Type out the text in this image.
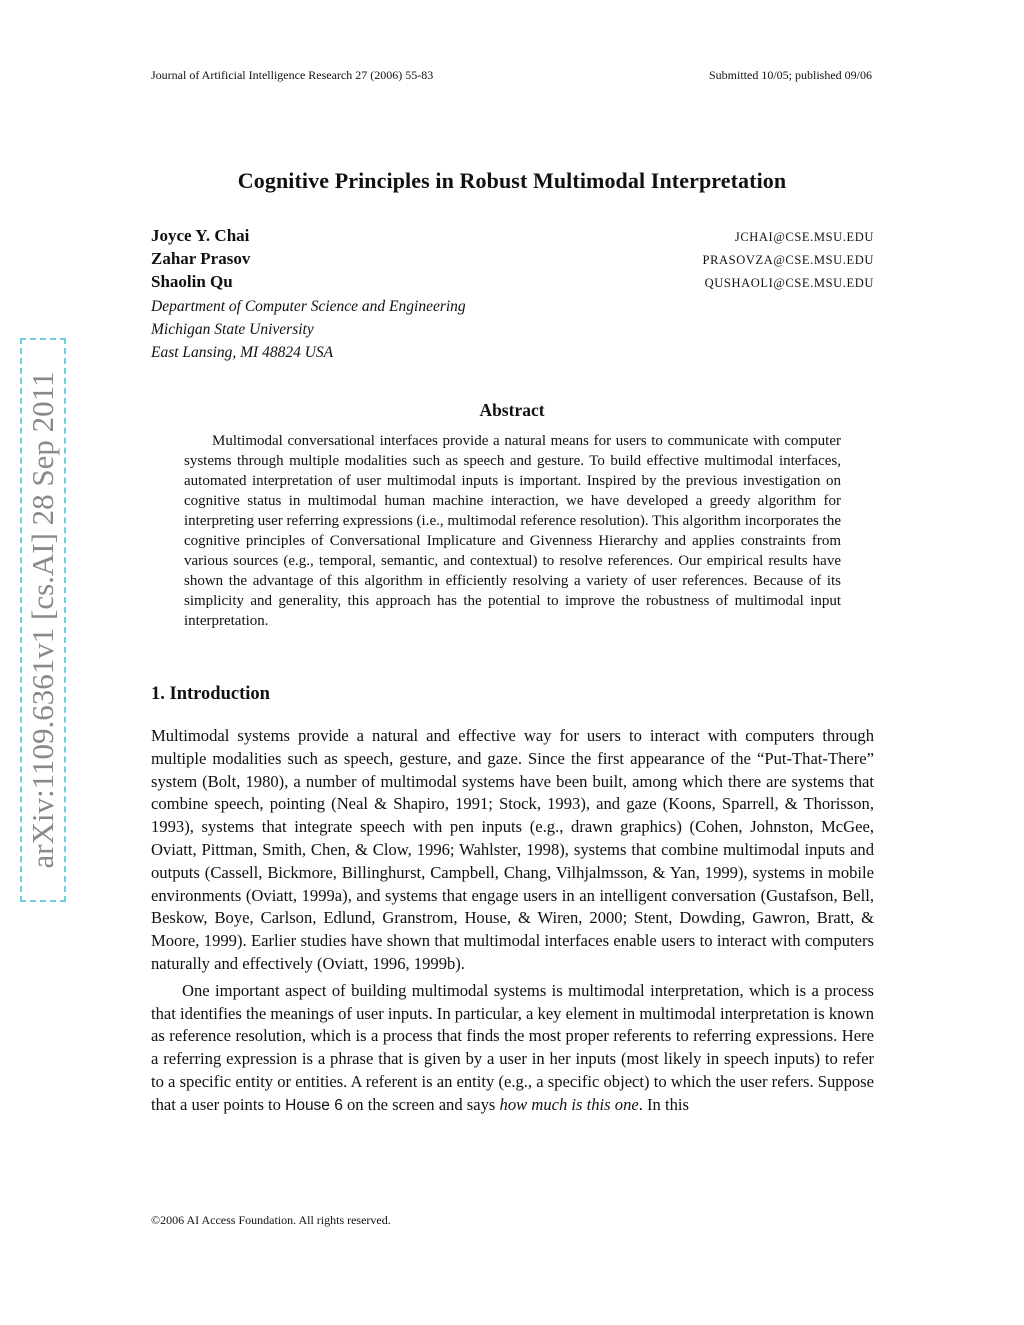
Journal of Artificial Intelligence Research 27 (2006) 55-83	Submitted 10/05; published 09/06
Cognitive Principles in Robust Multimodal Interpretation
Joyce Y. Chai	JCHAI@CSE.MSU.EDU
Zahar Prasov	PRASOVZA@CSE.MSU.EDU
Shaolin Qu	QUSHAOLI@CSE.MSU.EDU
Department of Computer Science and Engineering
Michigan State University
East Lansing, MI 48824 USA
Abstract

Multimodal conversational interfaces provide a natural means for users to communicate with computer systems through multiple modalities such as speech and gesture. To build effective multimodal interfaces, automated interpretation of user multimodal inputs is important. Inspired by the previous investigation on cognitive status in multimodal human machine interaction, we have developed a greedy algorithm for interpreting user referring expressions (i.e., multimodal reference resolution). This algorithm incorporates the cognitive principles of Conversational Implicature and Givenness Hierarchy and applies constraints from various sources (e.g., temporal, semantic, and contextual) to resolve references. Our empirical results have shown the advantage of this algorithm in efficiently resolving a variety of user references. Because of its simplicity and generality, this approach has the potential to improve the robustness of multimodal input interpretation.

1. Introduction

Multimodal systems provide a natural and effective way for users to interact with computers through multiple modalities such as speech, gesture, and gaze. Since the first appearance of the “Put-That-There” system (Bolt, 1980), a number of multimodal systems have been built, among which there are systems that combine speech, pointing (Neal & Shapiro, 1991; Stock, 1993), and gaze (Koons, Sparrell, & Thorisson, 1993), systems that integrate speech with pen inputs (e.g., drawn graphics) (Cohen, Johnston, McGee, Oviatt, Pittman, Smith, Chen, & Clow, 1996; Wahlster, 1998), systems that combine multimodal inputs and outputs (Cassell, Bickmore, Billinghurst, Campbell, Chang, Vilhjalmsson, & Yan, 1999), systems in mobile environments (Oviatt, 1999a), and systems that engage users in an intelligent conversation (Gustafson, Bell, Beskow, Boye, Carlson, Edlund, Granstrom, House, & Wiren, 2000; Stent, Dowding, Gawron, Bratt, & Moore, 1999). Earlier studies have shown that multimodal interfaces enable users to interact with computers naturally and effectively (Oviatt, 1996, 1999b).

One important aspect of building multimodal systems is multimodal interpretation, which is a process that identifies the meanings of user inputs. In particular, a key element in multimodal interpretation is known as reference resolution, which is a process that finds the most proper referents to referring expressions. Here a referring expression is a phrase that is given by a user in her inputs (most likely in speech inputs) to refer to a specific entity or entities. A referent is an entity (e.g., a specific object) to which the user refers. Suppose that a user points to House 6 on the screen and says how much is this one. In this

©2006 AI Access Foundation. All rights reserved.
arXiv:1109.6361v1 [cs.AI] 28 Sep 2011
